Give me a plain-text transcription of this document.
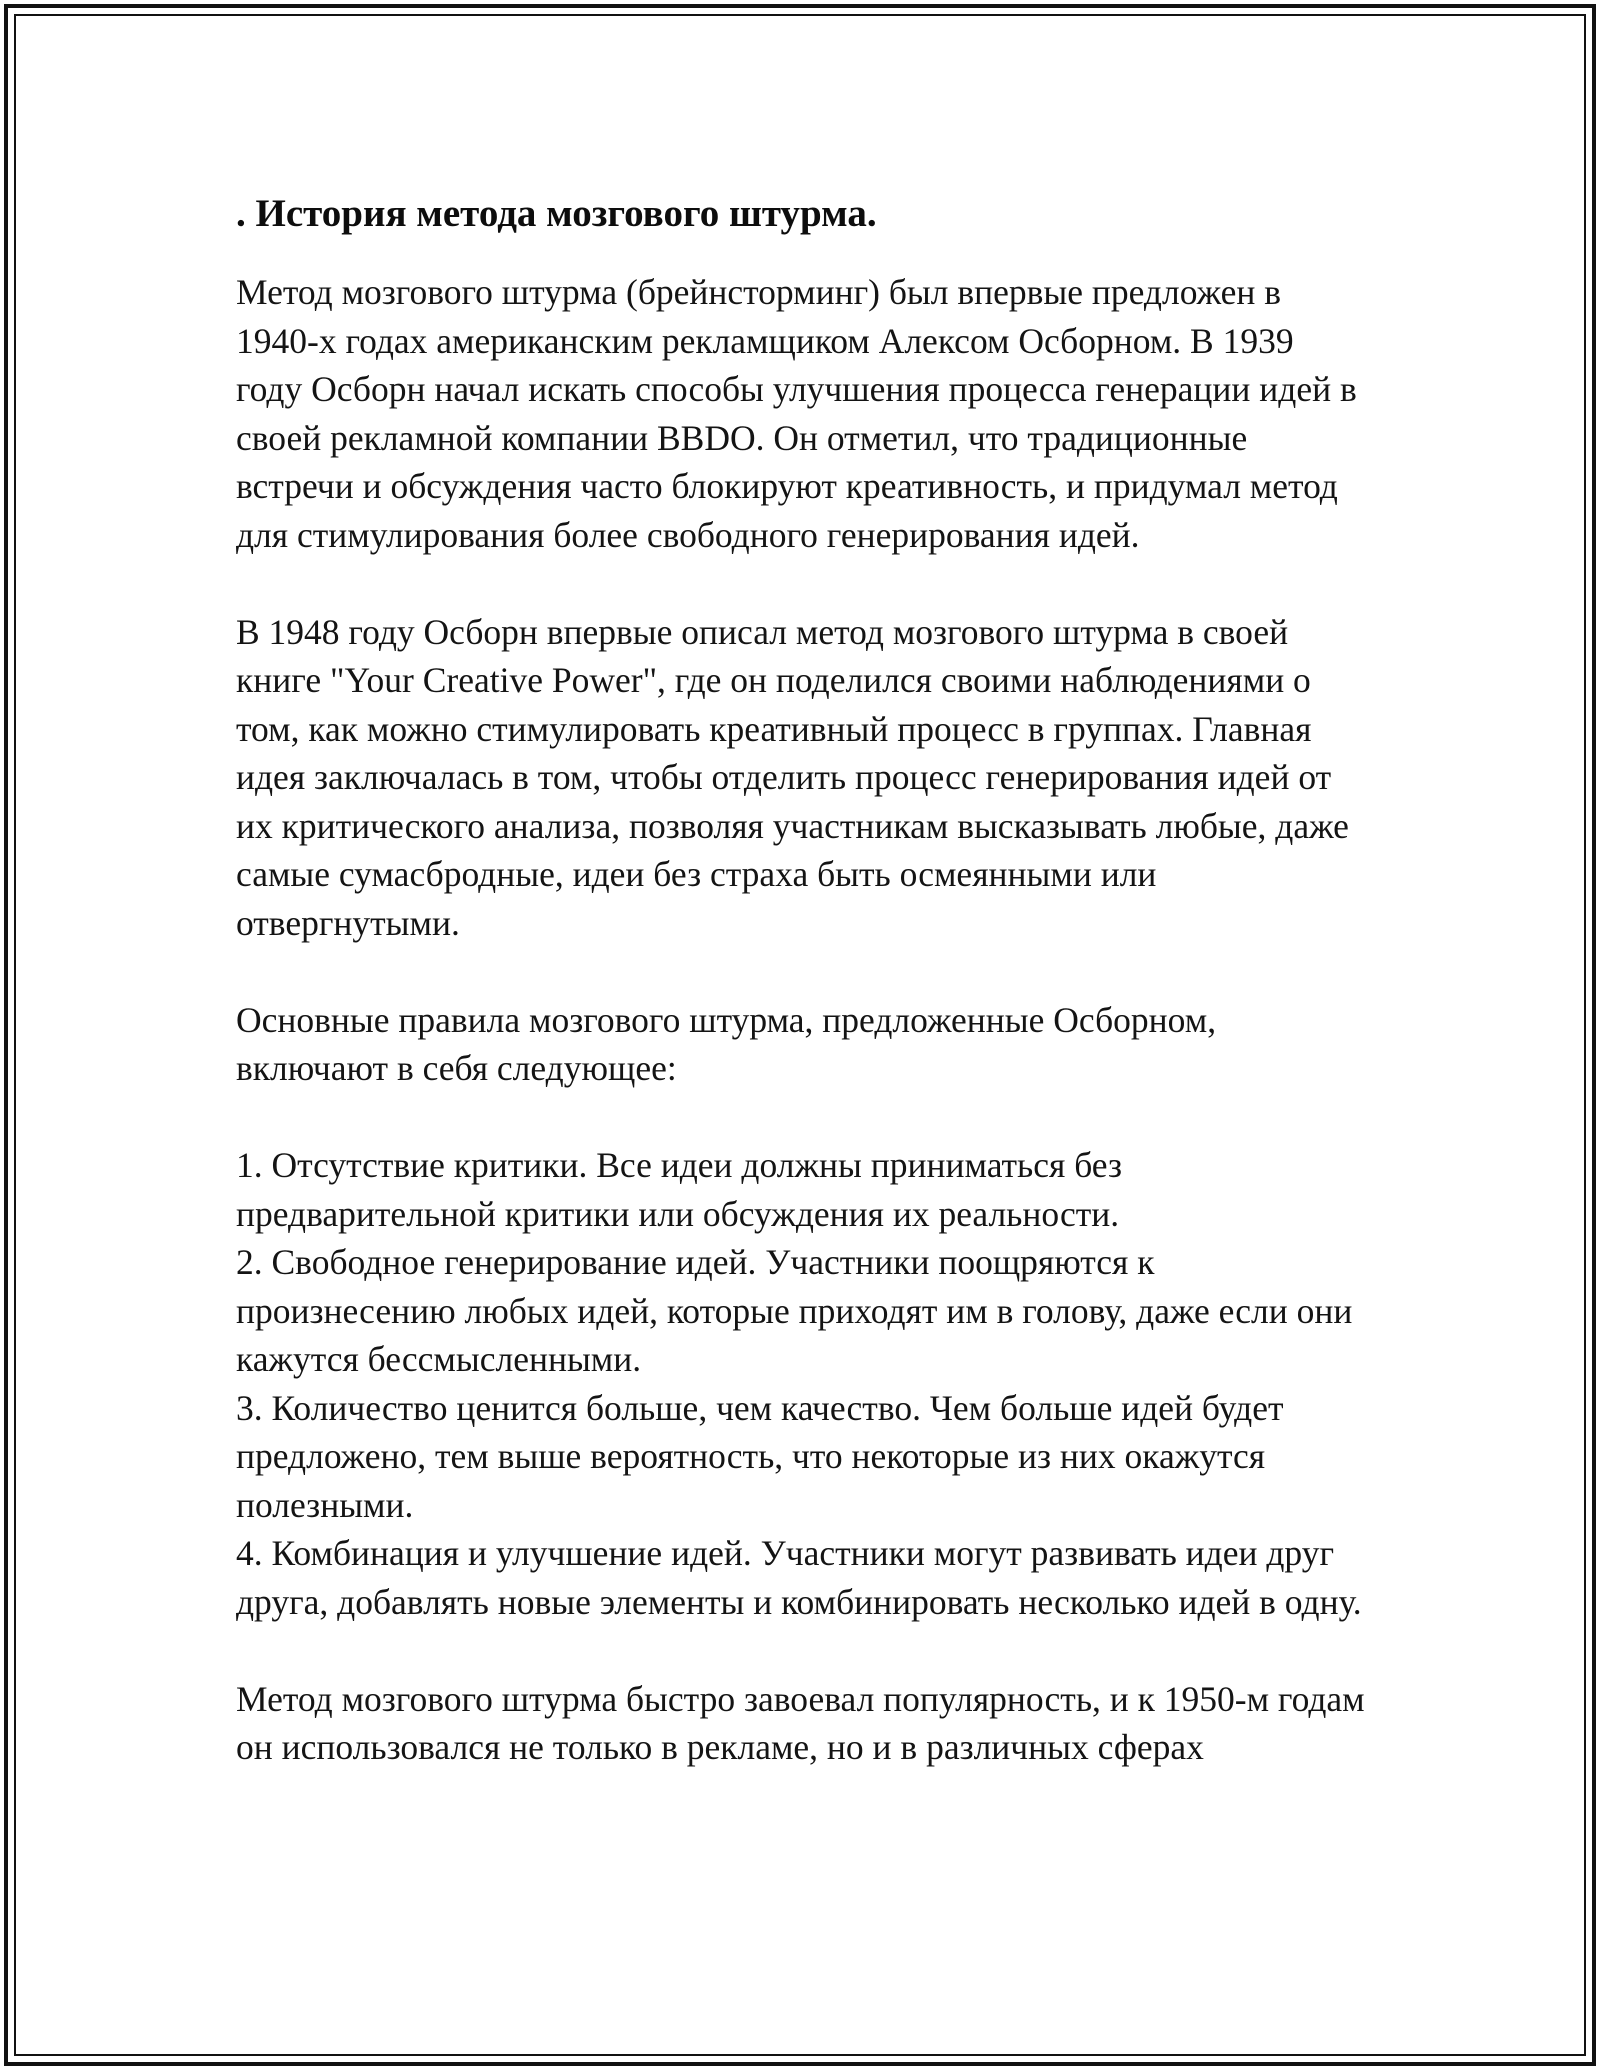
. История метода мозгового штурма.

Метод мозгового штурма (брейнсторминг) был впервые предложен в 1940-х годах американским рекламщиком Алексом Осборном. В 1939 году Осборн начал искать способы улучшения процесса генерации идей в своей рекламной компании BBDO. Он отметил, что традиционные встречи и обсуждения часто блокируют креативность, и придумал метод для стимулирования более свободного генерирования идей.

В 1948 году Осборн впервые описал метод мозгового штурма в своей книге "Your Creative Power", где он поделился своими наблюдениями о том, как можно стимулировать креативный процесс в группах. Главная идея заключалась в том, чтобы отделить процесс генерирования идей от их критического анализа, позволяя участникам высказывать любые, даже самые сумасбродные, идеи без страха быть осмеянными или отвергнутыми.

Основные правила мозгового штурма, предложенные Осборном, включают в себя следующее:

1. Отсутствие критики. Все идеи должны приниматься без предварительной критики или обсуждения их реальности.

2. Свободное генерирование идей. Участники поощряются к произнесению любых идей, которые приходят им в голову, даже если они кажутся бессмысленными.

3. Количество ценится больше, чем качество. Чем больше идей будет предложено, тем выше вероятность, что некоторые из них окажутся полезными.

4. Комбинация и улучшение идей. Участники могут развивать идеи друг друга, добавлять новые элементы и комбинировать несколько идей в одну.

Метод мозгового штурма быстро завоевал популярность, и к 1950-м годам он использовался не только в рекламе, но и в различных сферах
